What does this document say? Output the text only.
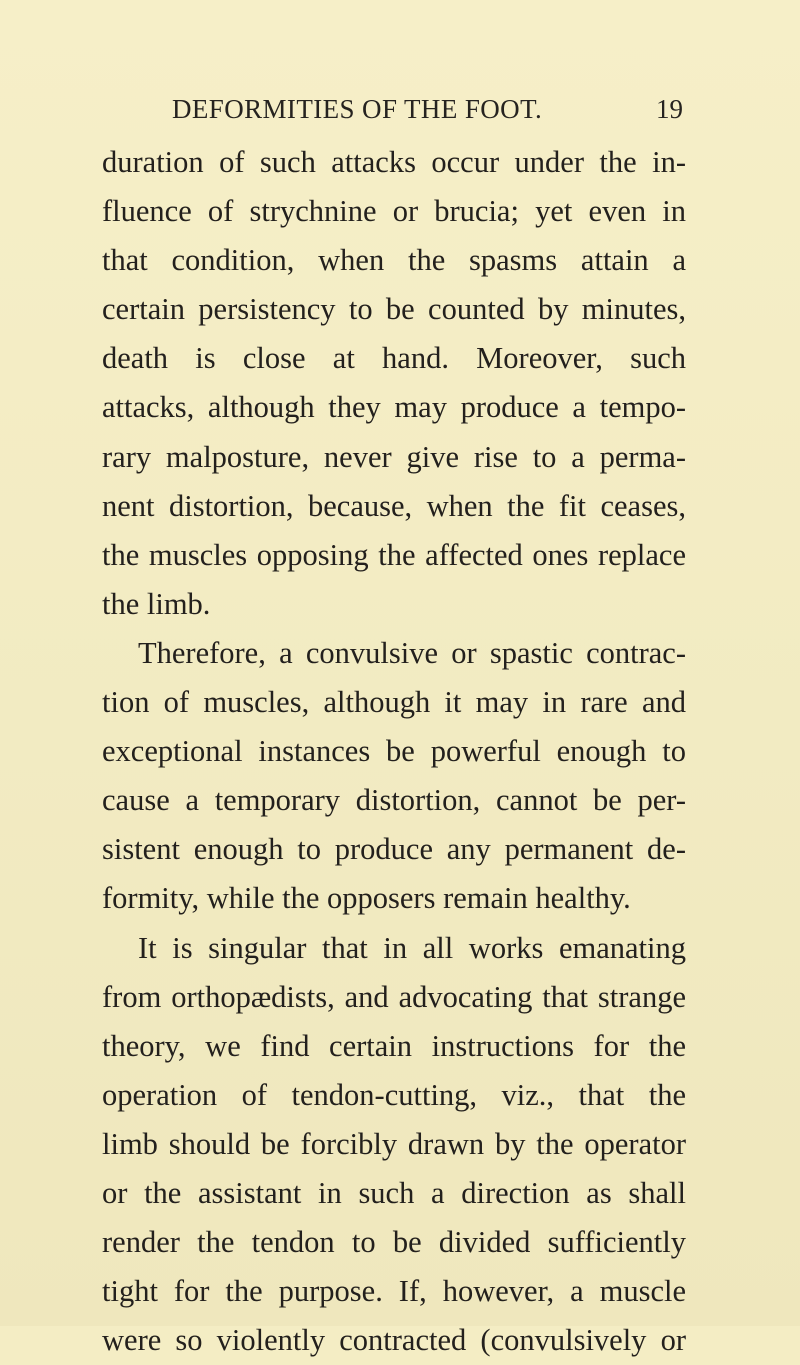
DEFORMITIES OF THE FOOT.	19
duration of such attacks occur under the in-
fluence of strychnine or brucia; yet even in
that condition, when the spasms attain a
certain persistency to be counted by minutes,
death is close at hand. Moreover, such
attacks, although they may produce a tempo-
rary malposture, never give rise to a perma-
nent distortion, because, when the fit ceases,
the muscles opposing the affected ones replace
the limb.
Therefore, a convulsive or spastic contrac-
tion of muscles, although it may in rare and
exceptional instances be powerful enough to
cause a temporary distortion, cannot be per-
sistent enough to produce any permanent de-
formity, while the opposers remain healthy.
It is singular that in all works emanating
from orthopædists, and advocating that strange
theory, we find certain instructions for the
operation of tendon-cutting, viz., that the
limb should be forcibly drawn by the operator
or the assistant in such a direction as shall
render the tendon to be divided sufficiently
tight for the purpose. If, however, a muscle
were so violently contracted (convulsively or
